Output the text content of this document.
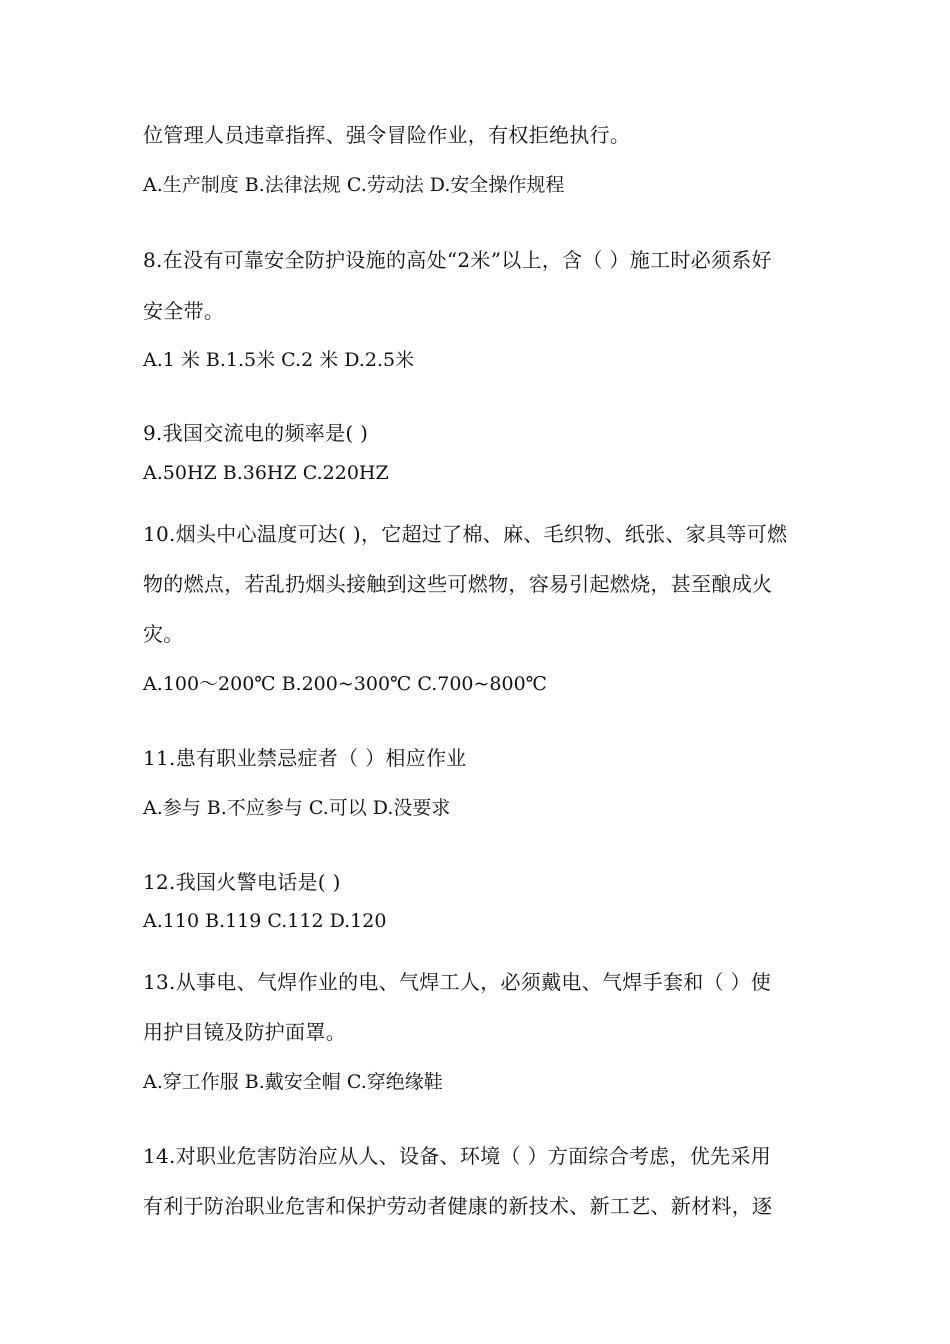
位管理人员违章指挥、强令冒险作业，有权拒绝执行。
A.生产制度 B.法律法规 C.劳动法 D.安全操作规程
8.在没有可靠安全防护设施的高处“2米”以上，含（ ）施工时必须系好
安全带。
A.1 米 B.1.5米 C.2 米 D.2.5米
9.我国交流电的频率是( )
A.50HZ B.36HZ C.220HZ
10.烟头中心温度可达( )，它超过了棉、麻、毛织物、纸张、家具等可燃
物的燃点，若乱扔烟头接触到这些可燃物，容易引起燃烧，甚至酿成火
灾。
A.100～200℃ B.200~300℃ C.700~800℃
11.患有职业禁忌症者（ ）相应作业
A.参与 B.不应参与 C.可以 D.没要求
12.我国火警电话是( )
A.110 B.119 C.112 D.120
13.从事电、气焊作业的电、气焊工人，必须戴电、气焊手套和（ ）使
用护目镜及防护面罩。
A.穿工作服 B.戴安全帽 C.穿绝缘鞋
14.对职业危害防治应从人、设备、环境（ ）方面综合考虑，优先采用
有利于防治职业危害和保护劳动者健康的新技术、新工艺、新材料，逐
